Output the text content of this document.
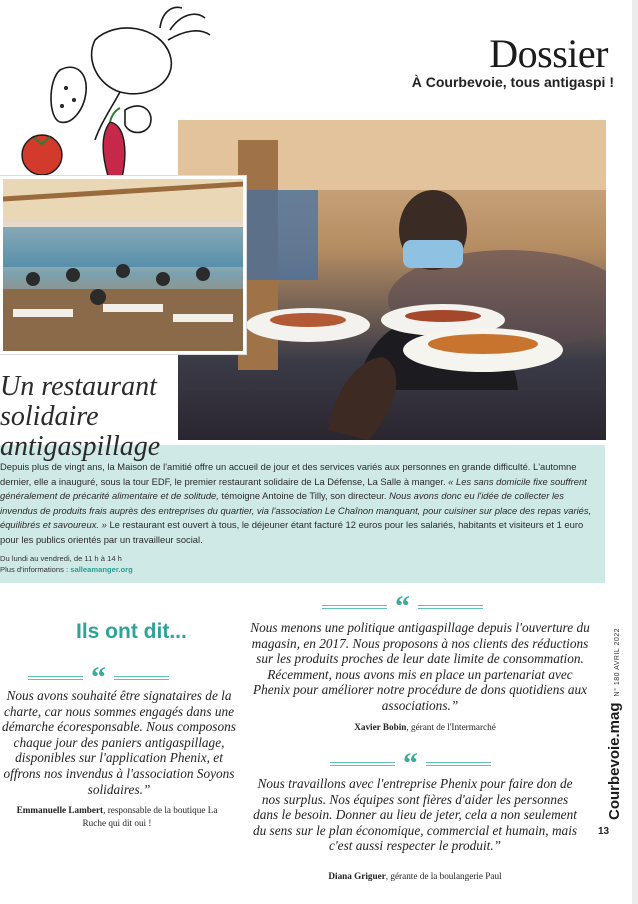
Dossier
À Courbevoie, tous antigaspi !
Un restaurant
solidaire
antigaspillage
Depuis plus de vingt ans, la Maison de l'amitié offre un accueil de jour et des services variés aux personnes en grande difficulté. L'automne dernier, elle a inauguré, sous la tour EDF, le premier restaurant solidaire de La Défense, La Salle à manger. « Les sans domicile fixe souffrent généralement de précarité alimentaire et de solitude, témoigne Antoine de Tilly, son directeur. Nous avons donc eu l'idée de collecter les invendus de produits frais auprès des entreprises du quartier, via l'association Le Chaînon manquant, pour cuisiner sur place des repas variés, équilibrés et savoureux. » Le restaurant est ouvert à tous, le déjeuner étant facturé 12 euros pour les salariés, habitants et visiteurs et 1 euro pour les publics orientés par un travailleur social.
Du lundi au vendredi, de 11 h à 14 h
Plus d'informations : salleamanger.org
Ils ont dit...
“
Nous avons souhaité être signataires de la charte, car nous sommes engagés dans une démarche écoresponsable. Nous composons chaque jour des paniers antigaspillage, disponibles sur l'application Phenix, et offrons nos invendus à l'association Soyons solidaires.”
Emmanuelle Lambert, responsable de la boutique La Ruche qui dit oui !
“
Nous menons une politique antigaspillage depuis l'ouverture du magasin, en 2017. Nous proposons à nos clients des réductions sur les produits proches de leur date limite de consommation. Récemment, nous avons mis en place un partenariat avec Phenix pour améliorer notre procédure de dons quotidiens aux associations.”
Xavier Bobin, gérant de l'Intermarché
“
Nous travaillons avec l'entreprise Phenix pour faire don de nos surplus. Nos équipes sont fières d'aider les personnes dans le besoin. Donner au lieu de jeter, cela a non seulement du sens sur le plan économique, commercial et humain, mais c'est aussi respecter le produit.”
Diana Griguer, gérante de la boulangerie Paul
Courbevoie.magN° 180 AVRIL 2022
13
